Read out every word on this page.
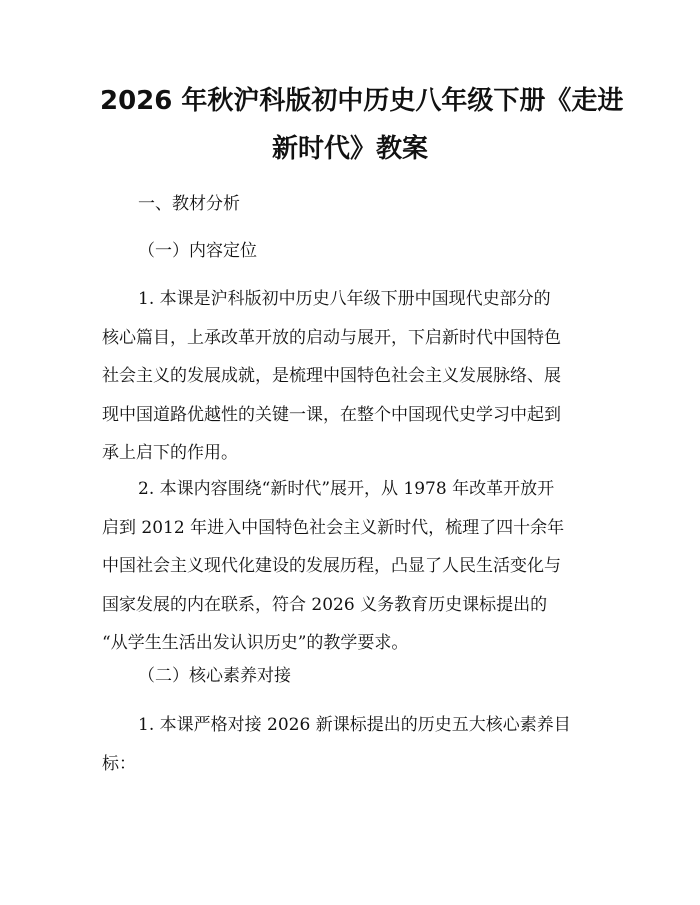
2026 年秋沪科版初中历史八年级下册《走进
新时代》教案
一、教材分析
（一）内容定位
1. 本课是沪科版初中历史八年级下册中国现代史部分的
核心篇目，上承改革开放的启动与展开，下启新时代中国特色
社会主义的发展成就，是梳理中国特色社会主义发展脉络、展
现中国道路优越性的关键一课，在整个中国现代史学习中起到
承上启下的作用。
2. 本课内容围绕“新时代”展开，从 1978 年改革开放开
启到 2012 年进入中国特色社会主义新时代，梳理了四十余年
中国社会主义现代化建设的发展历程，凸显了人民生活变化与
国家发展的内在联系，符合 2026 义务教育历史课标提出的
“从学生生活出发认识历史”的教学要求。
（二）核心素养对接
1. 本课严格对接 2026 新课标提出的历史五大核心素养目
标：
